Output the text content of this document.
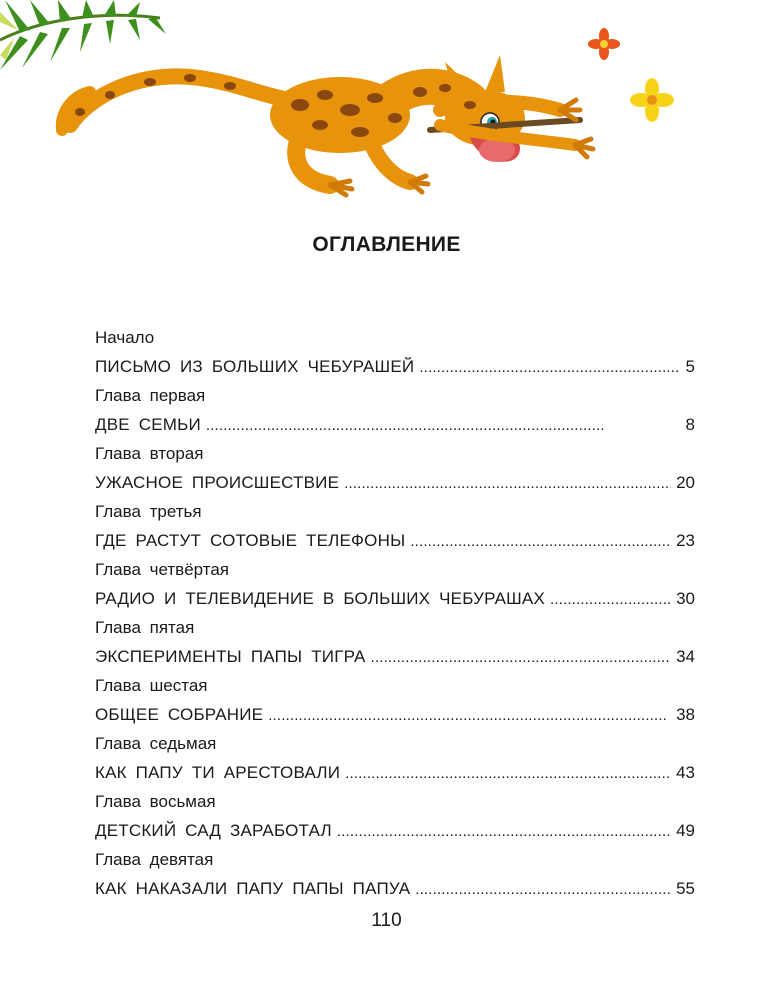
ОГЛАВЛЕНИЕ
Начало
ПИСЬМО ИЗ БОЛЬШИХ ЧЕБУРАШЕЙ . . .	5
Глава первая
ДВЕ СЕМЬИ . . .	8
Глава вторая
УЖАСНОЕ ПРОИСШЕСТВИЕ . . .	20
Глава третья
ГДЕ РАСТУТ СОТОВЫЕ ТЕЛЕФОНЫ . . .	23
Глава четвёртая
РАДИО И ТЕЛЕВИДЕНИЕ В БОЛЬШИХ ЧЕБУРАШАХ . . .	30
Глава пятая
ЭКСПЕРИМЕНТЫ ПАПЫ ТИГРА . . .	34
Глава шестая
ОБЩЕЕ СОБРАНИЕ . . .	38
Глава седьмая
КАК ПАПУ ТИ АРЕСТОВАЛИ . . .	43
Глава восьмая
ДЕТСКИЙ САД ЗАРАБОТАЛ . . .	49
Глава девятая
КАК НАКАЗАЛИ ПАПУ ПАПЫ ПАПУА . . .	55
110
